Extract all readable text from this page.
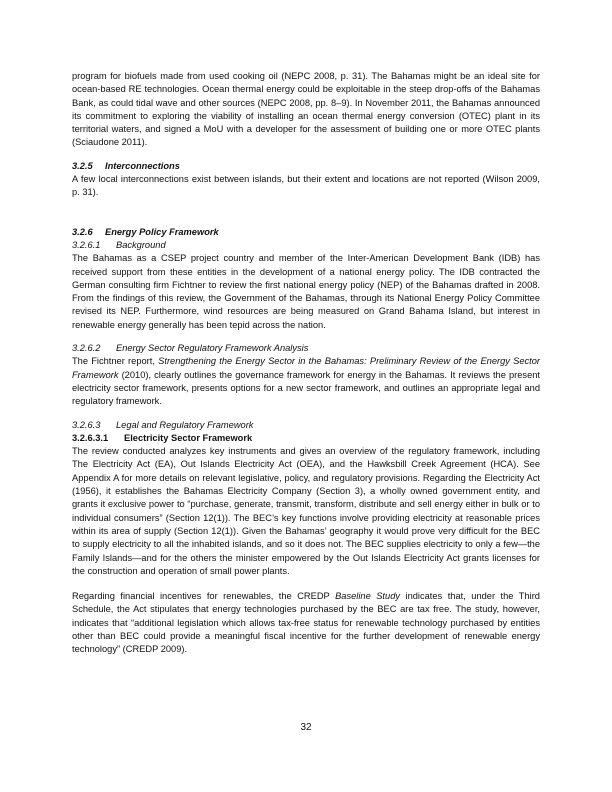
program for biofuels made from used cooking oil (NEPC 2008, p. 31). The Bahamas might be an ideal site for ocean-based RE technologies. Ocean thermal energy could be exploitable in the steep drop-offs of the Bahamas Bank, as could tidal wave and other sources (NEPC 2008, pp. 8–9). In November 2011, the Bahamas announced its commitment to exploring the viability of installing an ocean thermal energy conversion (OTEC) plant in its territorial waters, and signed a MoU with a developer for the assessment of building one or more OTEC plants (Sciaudone 2011).

3.2.5 Interconnections

A few local interconnections exist between islands, but their extent and locations are not reported (Wilson 2009, p. 31).

3.2.6 Energy Policy Framework
3.2.6.1 Background

The Bahamas as a CSEP project country and member of the Inter-American Development Bank (IDB) has received support from these entities in the development of a national energy policy. The IDB contracted the German consulting firm Fichtner to review the first national energy policy (NEP) of the Bahamas drafted in 2008. From the findings of this review, the Government of the Bahamas, through its National Energy Policy Committee revised its NEP. Furthermore, wind resources are being measured on Grand Bahama Island, but interest in renewable energy generally has been tepid across the nation.

3.2.6.2 Energy Sector Regulatory Framework Analysis

The Fichtner report, Strengthening the Energy Sector in the Bahamas: Preliminary Review of the Energy Sector Framework (2010), clearly outlines the governance framework for energy in the Bahamas. It reviews the present electricity sector framework, presents options for a new sector framework, and outlines an appropriate legal and regulatory framework.

3.2.6.3 Legal and Regulatory Framework
3.2.6.3.1 Electricity Sector Framework

The review conducted analyzes key instruments and gives an overview of the regulatory framework, including The Electricity Act (EA), Out Islands Electricity Act (OEA), and the Hawksbill Creek Agreement (HCA). See Appendix A for more details on relevant legislative, policy, and regulatory provisions. Regarding the Electricity Act (1956), it establishes the Bahamas Electricity Company (Section 3), a wholly owned government entity, and grants it exclusive power to “purchase, generate, transmit, transform, distribute and sell energy either in bulk or to individual consumers” (Section 12(1)). The BEC’s key functions involve providing electricity at reasonable prices within its area of supply (Section 12(1)). Given the Bahamas’ geography it would prove very difficult for the BEC to supply electricity to all the inhabited islands, and so it does not. The BEC supplies electricity to only a few—the Family Islands—and for the others the minister empowered by the Out Islands Electricity Act grants licenses for the construction and operation of small power plants.

Regarding financial incentives for renewables, the CREDP Baseline Study indicates that, under the Third Schedule, the Act stipulates that energy technologies purchased by the BEC are tax free. The study, however, indicates that “additional legislation which allows tax-free status for renewable technology purchased by entities other than BEC could provide a meaningful fiscal incentive for the further development of renewable energy technology” (CREDP 2009).

32
